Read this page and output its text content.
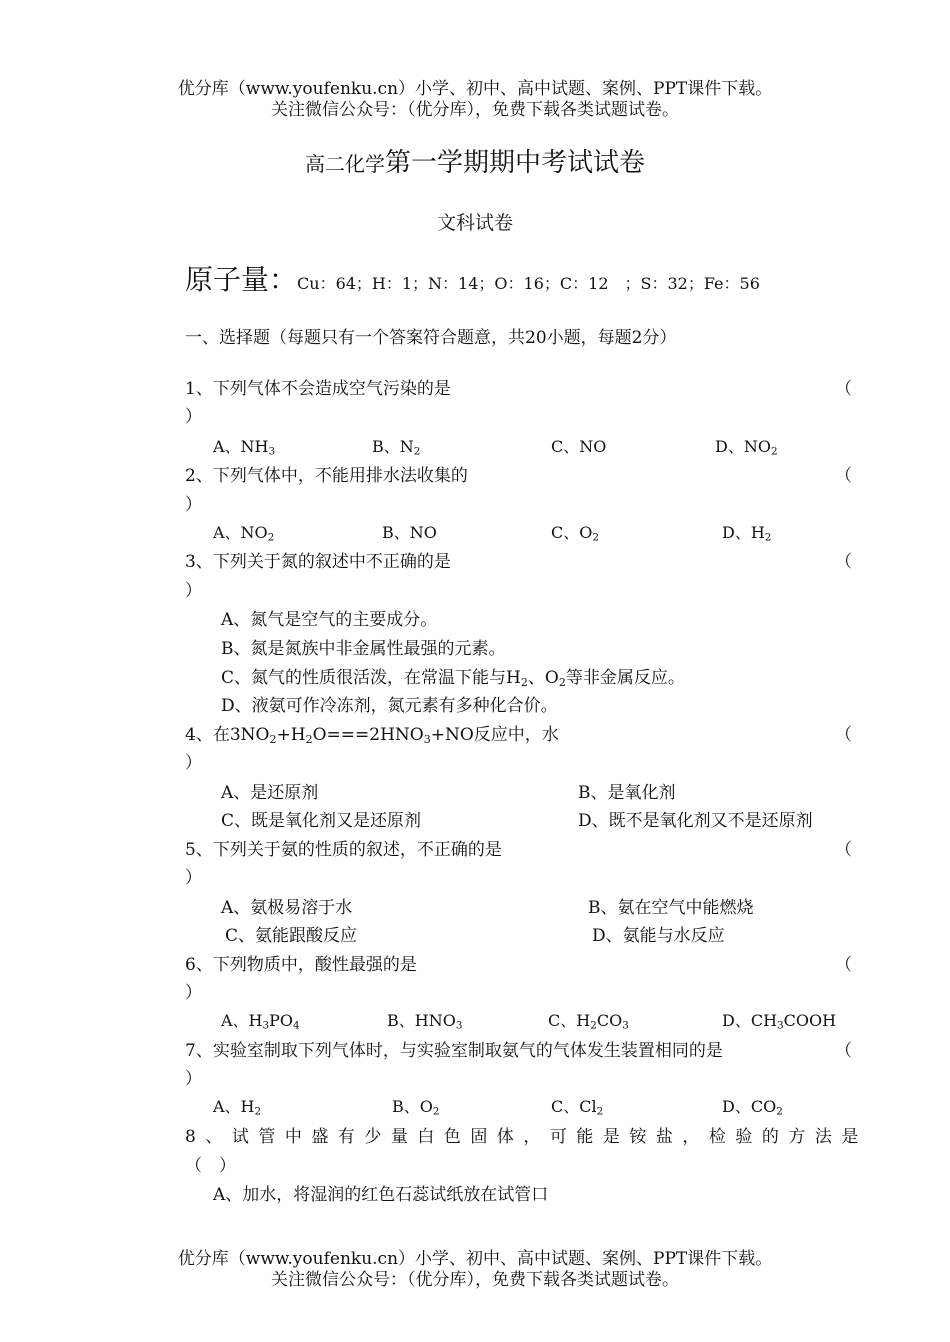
优分库（www.youfenku.cn）小学、初中、高中试题、案例、PPT课件下载。
关注微信公众号：（优分库），免费下载各类试题试卷。
高二化学第一学期期中考试试卷
文科试卷
原子量：Cu：64；H：1；N：14；O：16；C：12　；S：32；Fe：56
一、选择题（每题只有一个答案符合题意，共20小题，每题2分）
1、下列气体不会造成空气污染的是	（
）
A、$NH_3$	B、$N_2$	C、NO	D、$NO_2$
2、下列气体中，不能用排水法收集的	（
）
A、$NO_2$	B、NO	C、$O_2$	D、$H_2$
3、下列关于氮的叙述中不正确的是	（
）
A、氮气是空气的主要成分。
B、氮是氮族中非金属性最强的元素。
C、氮气的性质很活泼，在常温下能与$H_2$、$O_2$等非金属反应。
D、液氨可作冷冻剂，氮元素有多种化合价。
4、在$3NO_2+H_2O===2HNO_3+NO$反应中，水	（
）
A、是还原剂	B、是氧化剂
C、既是氧化剂又是还原剂	D、既不是氧化剂又不是还原剂
5、下列关于氨的性质的叙述，不正确的是	（
）
A、氨极易溶于水	B、氨在空气中能燃烧
C、氨能跟酸反应	D、氨能与水反应
6、下列物质中，酸性最强的是	（
）
A、$H_3PO_4$	B、$HNO_3$	C、$H_2CO_3$	D、$CH_3COOH$
7、实验室制取下列气体时，与实验室制取氨气的气体发生装置相同的是	（
）
A、$H_2$	B、$O_2$	C、$Cl_2$	D、$CO_2$
8、试管中盛有少量白色固体，可能是铵盐，检验的方法是
（　）
A、加水，将湿润的红色石蕊试纸放在试管口
优分库（www.youfenku.cn）小学、初中、高中试题、案例、PPT课件下载。
关注微信公众号：（优分库），免费下载各类试题试卷。
